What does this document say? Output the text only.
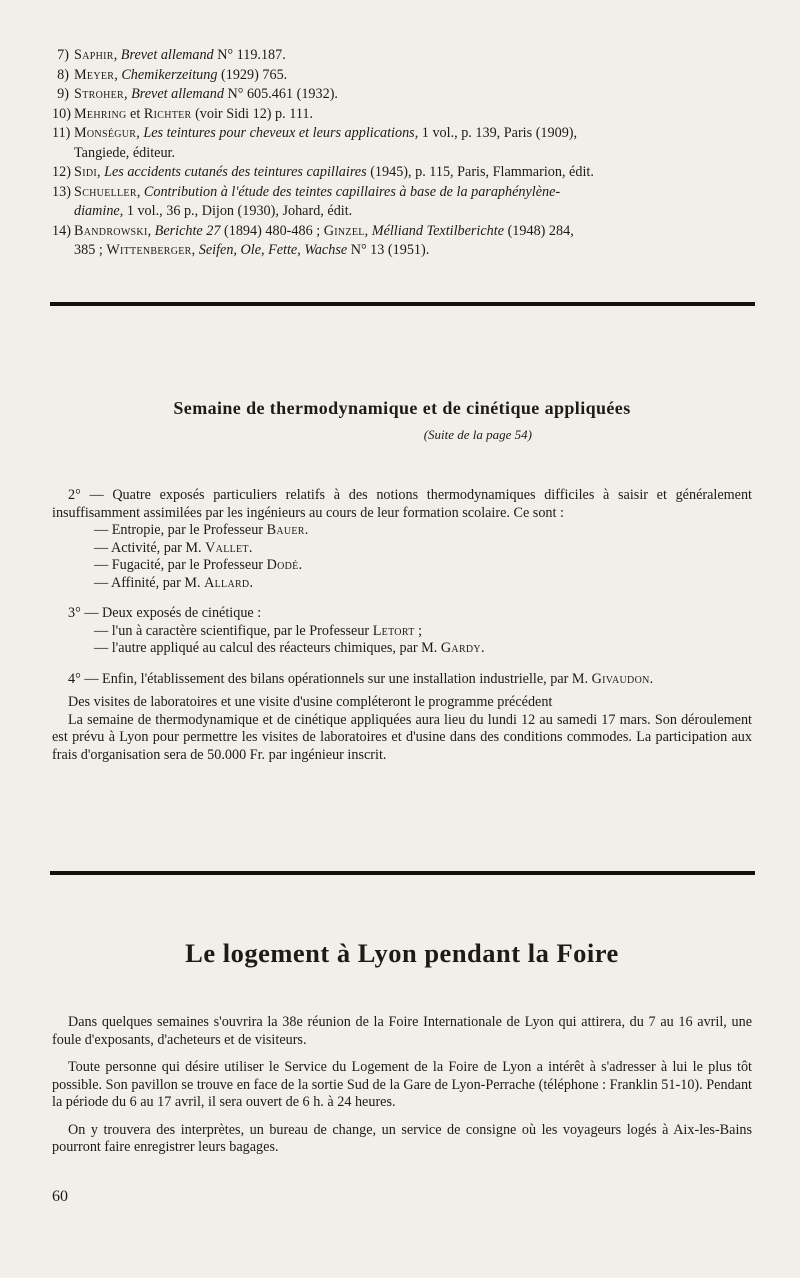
7) Saphir, Brevet allemand N° 119.187.
8) Meyer, Chemikerzeitung (1929) 765.
9) Stroher, Brevet allemand N° 605.461 (1932).
10) Mehring et Richter (voir Sidi 12) p. 111.
11) Monségur, Les teintures pour cheveux et leurs applications, 1 vol., p. 139, Paris (1909),
Tangiede, éditeur.
12) Sidi, Les accidents cutanés des teintures capillaires (1945), p. 115, Paris, Flammarion, édit.
13) Schueller, Contribution à l'étude des teintes capillaires à base de la paraphénylène-
diamine, 1 vol., 36 p., Dijon (1930), Johard, édit.
14) Bandrowski, Berichte 27 (1894) 480-486 ; Ginzel, Mélliand Textilberichte (1948) 284,
385 ; Wittenberger, Seifen, Ole, Fette, Wachse N° 13 (1951).
Semaine de thermodynamique et de cinétique appliquées
(Suite de la page 54)

2° — Quatre exposés particuliers relatifs à des notions thermodynamiques difficiles à saisir et généralement insuffisamment assimilées par les ingénieurs au cours de leur formation scolaire. Ce sont :

— Entropie, par le Professeur Bauer.
— Activité, par M. Vallet.
— Fugacité, par le Professeur Dodé.
— Affinité, par M. Allard.

3° — Deux exposés de cinétique :

— l'un à caractère scientifique, par le Professeur Letort ;
— l'autre appliqué au calcul des réacteurs chimiques, par M. Gardy.

4° — Enfin, l'établissement des bilans opérationnels sur une installation industrielle, par M. Givaudon.

Des visites de laboratoires et une visite d'usine compléteront le programme précédent

La semaine de thermodynamique et de cinétique appliquées aura lieu du lundi 12 au samedi 17 mars. Son déroulement est prévu à Lyon pour permettre les visites de laboratoires et d'usine dans des conditions commodes. La participation aux frais d'organisation sera de 50.000 Fr. par ingénieur inscrit.

Le logement à Lyon pendant la Foire

Dans quelques semaines s'ouvrira la 38e réunion de la Foire Internationale de Lyon qui attirera, du 7 au 16 avril, une foule d'exposants, d'acheteurs et de visiteurs.

Toute personne qui désire utiliser le Service du Logement de la Foire de Lyon a intérêt à s'adresser à lui le plus tôt possible. Son pavillon se trouve en face de la sortie Sud de la Gare de Lyon-Perrache (téléphone : Franklin 51-10). Pendant la période du 6 au 17 avril, il sera ouvert de 6 h. à 24 heures.

On y trouvera des interprètes, un bureau de change, un service de consigne où les voyageurs logés à Aix-les-Bains pourront faire enregistrer leurs bagages.

60
